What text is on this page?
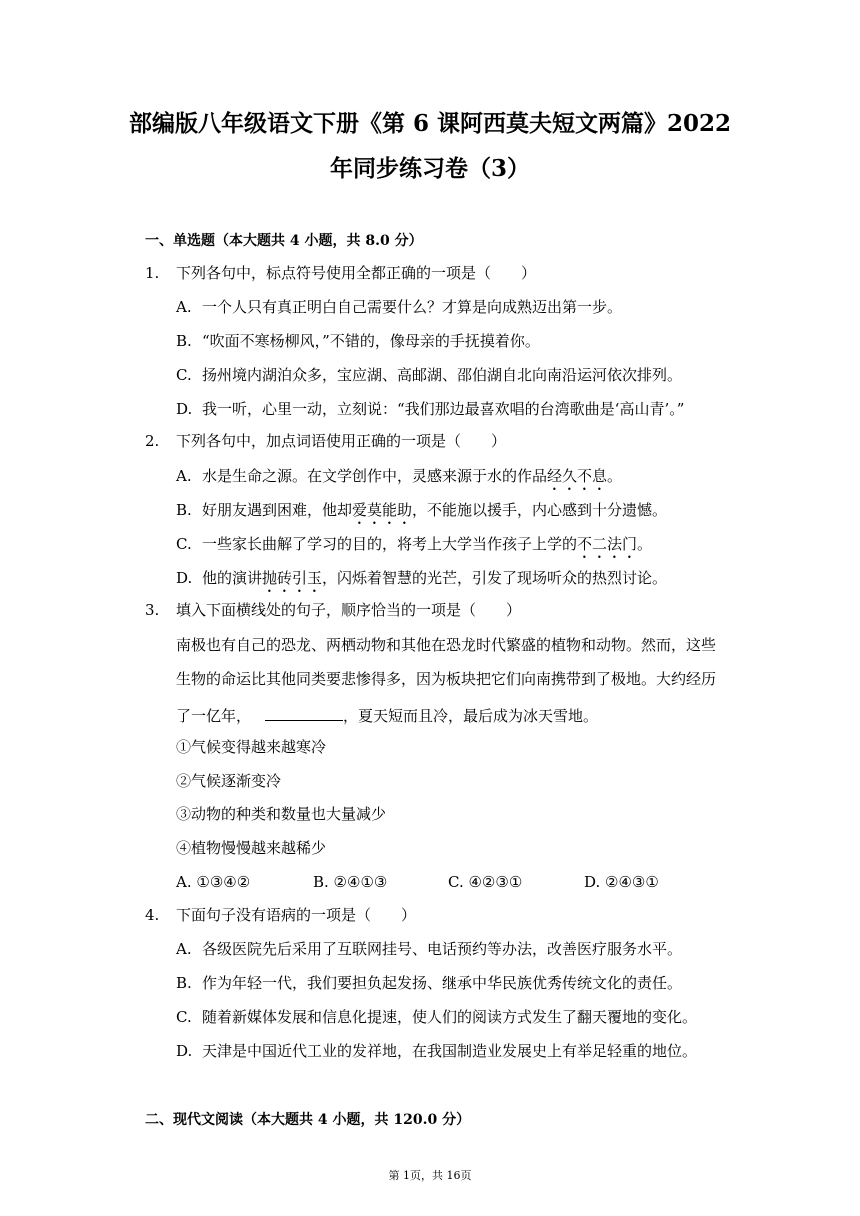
部编版八年级语文下册《第 6 课阿西莫夫短文两篇》2022
年同步练习卷（3）
一、单选题（本大题共 4 小题，共 8.0 分）
1. 下列各句中，标点符号使用全都正确的一项是（　　）
A. 一个人只有真正明白自己需要什么？才算是向成熟迈出第一步。
B. “吹面不寒杨柳风，”不错的，像母亲的手抚摸着你。
C. 扬州境内湖泊众多，宝应湖、高邮湖、邵伯湖自北向南沿运河依次排列。
D. 我一听，心里一动，立刻说：“我们那边最喜欢唱的台湾歌曲是‘高山青’。”
2. 下列各句中，加点词语使用正确的一项是（　　）
A. 水是生命之源。在文学创作中，灵感来源于水的作品经久不息。
B. 好朋友遇到困难，他却爱莫能助，不能施以援手，内心感到十分遗憾。
C. 一些家长曲解了学习的目的，将考上大学当作孩子上学的不二法门。
D. 他的演讲抛砖引玉，闪烁着智慧的光芒，引发了现场听众的热烈讨论。
3. 填入下面横线处的句子，顺序恰当的一项是（　　）
南极也有自己的恐龙、两栖动物和其他在恐龙时代繁盛的植物和动物。然而，这些
生物的命运比其他同类要悲惨得多，因为板块把它们向南携带到了极地。大约经历
了一亿年，	，夏天短而且冷，最后成为冰天雪地。
①气候变得越来越寒冷
②气候逐渐变冷
③动物的种类和数量也大量减少
④植物慢慢越来越稀少
A. ①③④②	B. ②④①③	C. ④②③①	D. ②④③①
4. 下面句子没有语病的一项是（　　）
A. 各级医院先后采用了互联网挂号、电话预约等办法，改善医疗服务水平。
B. 作为年轻一代，我们要担负起发扬、继承中华民族优秀传统文化的责任。
C. 随着新媒体发展和信息化提速，使人们的阅读方式发生了翻天覆地的变化。
D. 天津是中国近代工业的发祥地，在我国制造业发展史上有举足轻重的地位。
二、现代文阅读（本大题共 4 小题，共 120.0 分）
第 1页，共 16页
